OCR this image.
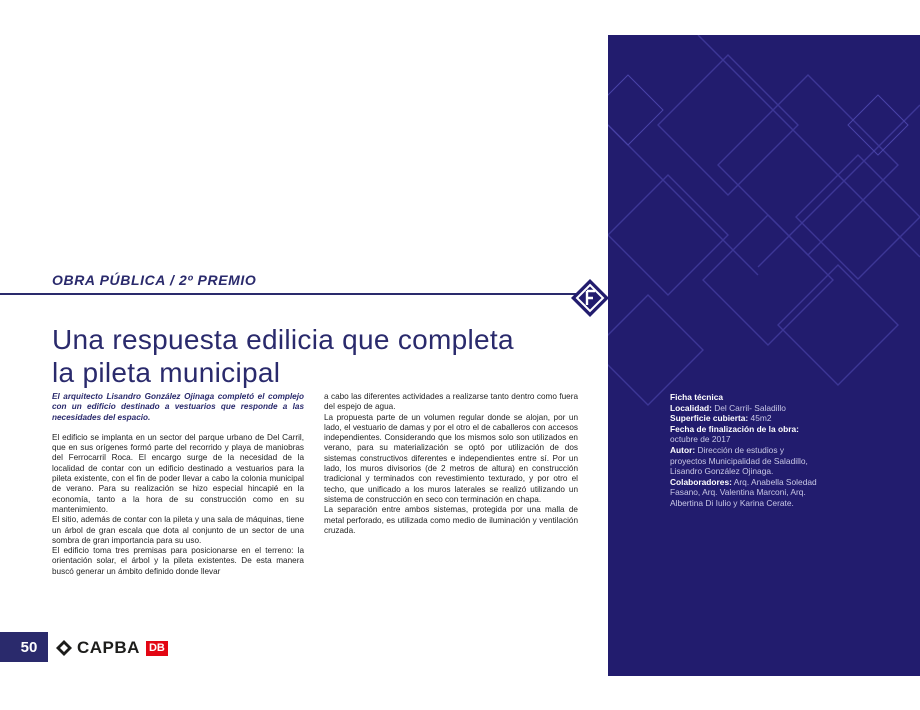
OBRA PÚBLICA / 2º PREMIO
Una respuesta edilicia que completa
la pileta municipal

El arquitecto Lisandro González Ojinaga completó el complejo con un edificio destinado a vestuarios que responde a las necesidades del espacio.

El edificio se implanta en un sector del parque urbano de Del Carril, que en sus orígenes formó parte del recorrido y playa de maniobras del Ferrocarril Roca. El encargo surge de la necesidad de la localidad de contar con un edificio destinado a vestuarios para la pileta existente, con el fin de poder llevar a cabo la colonia municipal de verano. Para su realización se hizo especial hincapié en la economía, tanto a la hora de su construcción como en su mantenimiento.

El sitio, además de contar con la pileta y una sala de máquinas, tiene un árbol de gran escala que dota al conjunto de un sector de una sombra de gran importancia para su uso.

El edificio toma tres premisas para posicionarse en el terreno: la orientación solar, el árbol y la pileta existentes. De esta manera buscó generar un ámbito definido donde llevar

a cabo las diferentes actividades a realizarse tanto dentro como fuera del espejo de agua.

La propuesta parte de un volumen regular donde se alojan, por un lado, el vestuario de damas y por el otro el de caballeros con accesos independientes. Considerando que los mismos solo son utilizados en verano, para su materialización se optó por utilización de dos sistemas constructivos diferentes e independientes entre sí. Por un lado, los muros divisorios (de 2 metros de altura) en construcción tradicional y terminados con revestimiento texturado, y por otro el techo, que unificado a los muros laterales se realizó utilizando un sistema de construcción en seco con terminación en chapa.

La separación entre ambos sistemas, protegida por una malla de metal perforado, es utilizada como medio de iluminación y ventilación cruzada.

Ficha técnica

Localidad: Del Carril- Saladillo

Superficie cubierta: 45m2

Fecha de finalización de la obra: octubre de 2017

Autor: Dirección de estudios y proyectos Municipalidad de Saladillo, Lisandro González Ojinaga.

Colaboradores: Arq. Anabella Soledad Fasano, Arq. Valentina Marconi, Arq. Albertina Di Iulio y Karina Cerate.

50 CAPBA DB
